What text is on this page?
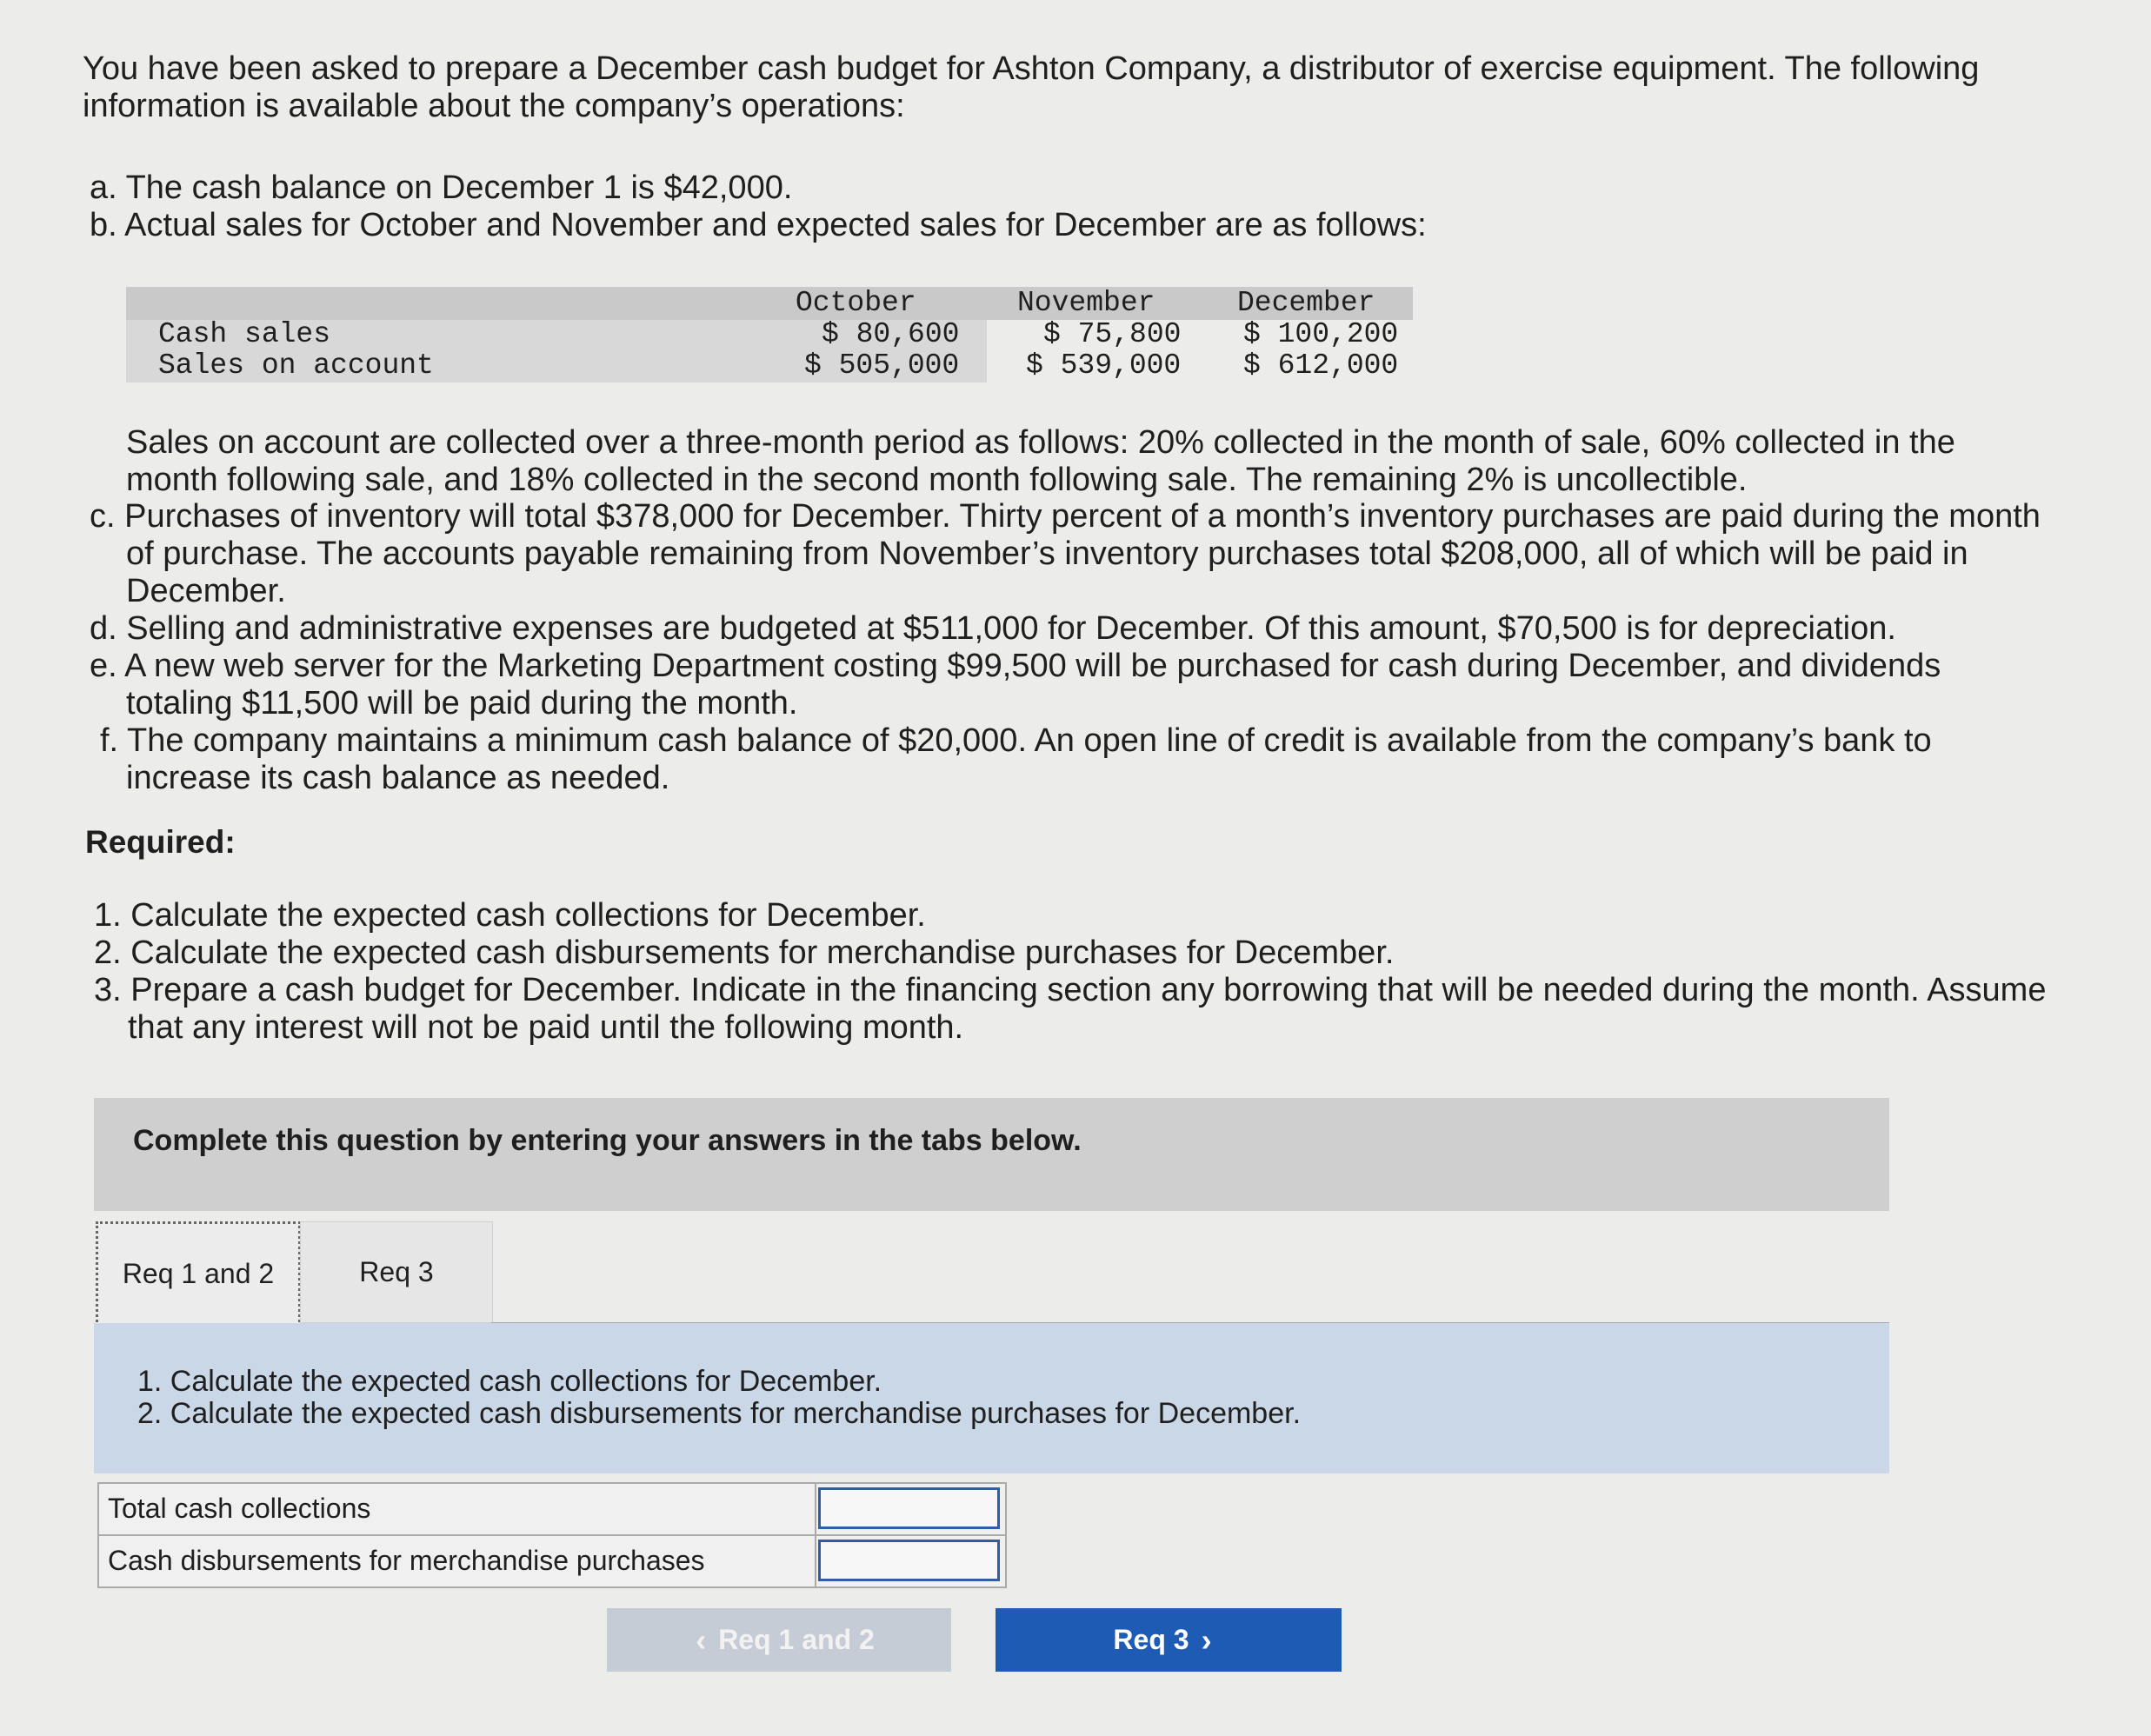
You have been asked to prepare a December cash budget for Ashton Company, a distributor of exercise equipment. The following information is available about the company’s operations:
a. The cash balance on December 1 is $42,000.
b. Actual sales for October and November and expected sales for December are as follows:
October	November	December
Cash sales	$ 80,600	$ 75,800 $ 100,200
Sales on account	$ 505,000 $ 539,000 $ 612,000
Sales on account are collected over a three-month period as follows: 20% collected in the month of sale, 60% collected in the
month following sale, and 18% collected in the second month following sale. The remaining 2% is uncollectible.
c. Purchases of inventory will total $378,000 for December. Thirty percent of a month’s inventory purchases are paid during the month
of purchase. The accounts payable remaining from November’s inventory purchases total $208,000, all of which will be paid in
December.
d. Selling and administrative expenses are budgeted at $511,000 for December. Of this amount, $70,500 is for depreciation.
e. A new web server for the Marketing Department costing $99,500 will be purchased for cash during December, and dividends
totaling $11,500 will be paid during the month.
f. The company maintains a minimum cash balance of $20,000. An open line of credit is available from the company’s bank to
increase its cash balance as needed.
Required:
1. Calculate the expected cash collections for December.
2. Calculate the expected cash disbursements for merchandise purchases for December.
3. Prepare a cash budget for December. Indicate in the financing section any borrowing that will be needed during the month. Assume
that any interest will not be paid until the following month.
Complete this question by entering your answers in the tabs below.
Req 1 and 2	Req 3
1. Calculate the expected cash collections for December.
2. Calculate the expected cash disbursements for merchandise purchases for December.
Total cash collections
Cash disbursements for merchandise purchases
‹ Req 1 and 2	Req 3 ›
